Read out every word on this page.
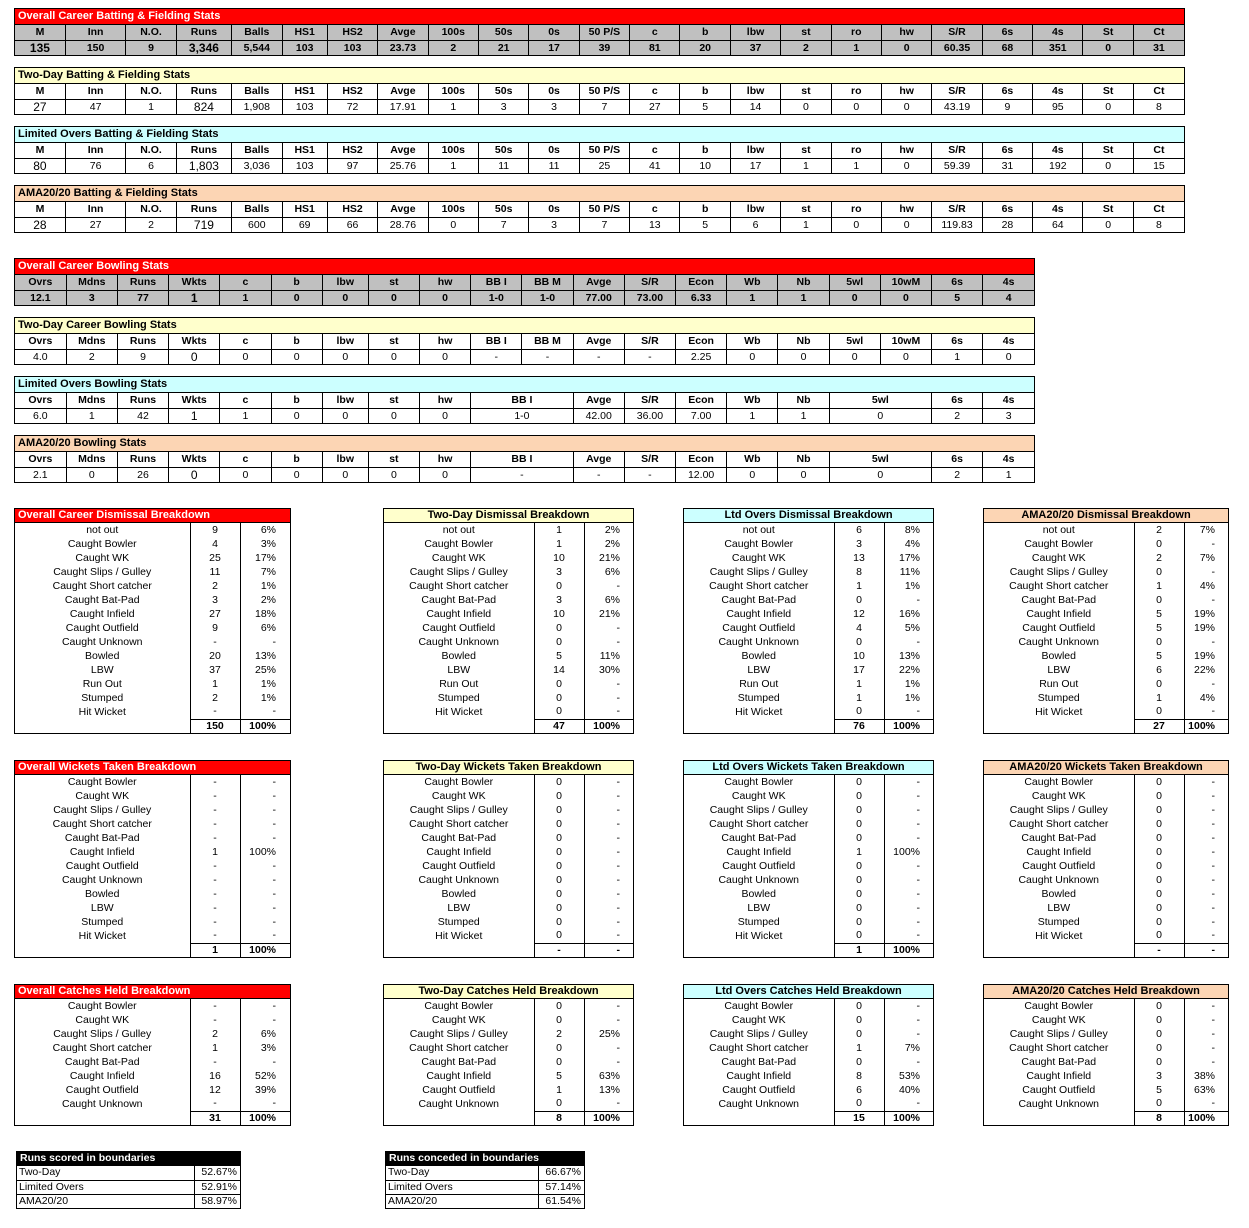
Overall Career Batting & Fielding Stats
M	Inn	N.O.	Runs	Balls	HS1	HS2	Avge	100s	50s	0s	50 P/S	c	b	lbw	st	ro	hw	S/R	6s	4s	St	Ct
135	150	9	3,346	5,544	103	103	23.73	2	21	17	39	81	20	37	2	1	0	60.35	68	351	0	31
Two-Day Batting & Fielding Stats
M	Inn	N.O.	Runs	Balls	HS1	HS2	Avge	100s	50s	0s	50 P/S	c	b	lbw	st	ro	hw	S/R	6s	4s	St	Ct
27	47	1	824	1,908	103	72	17.91	1	3	3	7	27	5	14	0	0	0	43.19	9	95	0	8
Limited Overs Batting & Fielding Stats
M	Inn	N.O.	Runs	Balls	HS1	HS2	Avge	100s	50s	0s	50 P/S	c	b	lbw	st	ro	hw	S/R	6s	4s	St	Ct
80	76	6	1,803	3,036	103	97	25.76	1	11	11	25	41	10	17	1	1	0	59.39	31	192	0	15
AMA20/20 Batting & Fielding Stats
M	Inn	N.O.	Runs	Balls	HS1	HS2	Avge	100s	50s	0s	50 P/S	c	b	lbw	st	ro	hw	S/R	6s	4s	St	Ct
28	27	2	719	600	69	66	28.76	0	7	3	7	13	5	6	1	0	0	119.83	28	64	0	8
Overall Career Bowling Stats
Ovrs	Mdns	Runs	Wkts	c	b	lbw	st	hw	BB I	BB M	Avge	S/R	Econ	Wb	Nb	5wl	10wM	6s	4s
12.1	3	77	1	1	0	0	0	0	1-0	1-0	77.00	73.00	6.33	1	1	0	0	5	4
Two-Day Career Bowling Stats
Ovrs	Mdns	Runs	Wkts	c	b	lbw	st	hw	BB I	BB M	Avge	S/R	Econ	Wb	Nb	5wl	10wM	6s	4s
4.0	2	9	0	0	0	0	0	0	-	-	-	-	2.25	0	0	0	0	1	0
Limited Overs Bowling Stats
Ovrs	Mdns	Runs	Wkts	c	b	lbw	st	hw	BB I	Avge	S/R	Econ	Wb	Nb	5wl	6s	4s
6.0	1	42	1	1	0	0	0	0	1-0	42.00	36.00	7.00	1	1	0	2	3
AMA20/20 Bowling Stats
Ovrs	Mdns	Runs	Wkts	c	b	lbw	st	hw	BB I	Avge	S/R	Econ	Wb	Nb	5wl	6s	4s
2.1	0	26	0	0	0	0	0	0	-	-	-	12.00	0	0	0	2	1
Overall Career Dismissal Breakdown
not out	9	6%
Caught Bowler	4	3%
Caught WK	25	17%
Caught Slips / Gulley	11	7%
Caught Short catcher	2	1%
Caught Bat-Pad	3	2%
Caught Infield	27	18%
Caught Outfield	9	6%
Caught Unknown	-	-
Bowled	20	13%
LBW	37	25%
Run Out	1	1%
Stumped	2	1%
Hit Wicket	-	-
	150	100%
Two-Day Dismissal Breakdown
not out	1	2%
Caught Bowler	1	2%
Caught WK	10	21%
Caught Slips / Gulley	3	6%
Caught Short catcher	0	-
Caught Bat-Pad	3	6%
Caught Infield	10	21%
Caught Outfield	0	-
Caught Unknown	0	-
Bowled	5	11%
LBW	14	30%
Run Out	0	-
Stumped	0	-
Hit Wicket	0	-
	47	100%
Ltd Overs Dismissal Breakdown
not out	6	8%
Caught Bowler	3	4%
Caught WK	13	17%
Caught Slips / Gulley	8	11%
Caught Short catcher	1	1%
Caught Bat-Pad	0	-
Caught Infield	12	16%
Caught Outfield	4	5%
Caught Unknown	0	-
Bowled	10	13%
LBW	17	22%
Run Out	1	1%
Stumped	1	1%
Hit Wicket	0	-
	76	100%
AMA20/20 Dismissal Breakdown
not out	2	7%
Caught Bowler	0	-
Caught WK	2	7%
Caught Slips / Gulley	0	-
Caught Short catcher	1	4%
Caught Bat-Pad	0	-
Caught Infield	5	19%
Caught Outfield	5	19%
Caught Unknown	0	-
Bowled	5	19%
LBW	6	22%
Run Out	0	-
Stumped	1	4%
Hit Wicket	0	-
	27	100%
Overall Wickets Taken Breakdown
Caught Bowler	-	-
Caught WK	-	-
Caught Slips / Gulley	-	-
Caught Short catcher	-	-
Caught Bat-Pad	-	-
Caught Infield	1	100%
Caught Outfield	-	-
Caught Unknown	-	-
Bowled	-	-
LBW	-	-
Stumped	-	-
Hit Wicket	-	-
	1	100%
Two-Day Wickets Taken Breakdown
Caught Bowler	0	-
Caught WK	0	-
Caught Slips / Gulley	0	-
Caught Short catcher	0	-
Caught Bat-Pad	0	-
Caught Infield	0	-
Caught Outfield	0	-
Caught Unknown	0	-
Bowled	0	-
LBW	0	-
Stumped	0	-
Hit Wicket	0	-
	-	-
Ltd Overs Wickets Taken Breakdown
Caught Bowler	0	-
Caught WK	0	-
Caught Slips / Gulley	0	-
Caught Short catcher	0	-
Caught Bat-Pad	0	-
Caught Infield	1	100%
Caught Outfield	0	-
Caught Unknown	0	-
Bowled	0	-
LBW	0	-
Stumped	0	-
Hit Wicket	0	-
	1	100%
AMA20/20 Wickets Taken Breakdown
Caught Bowler	0	-
Caught WK	0	-
Caught Slips / Gulley	0	-
Caught Short catcher	0	-
Caught Bat-Pad	0	-
Caught Infield	0	-
Caught Outfield	0	-
Caught Unknown	0	-
Bowled	0	-
LBW	0	-
Stumped	0	-
Hit Wicket	0	-
	-	-
Overall Catches Held Breakdown
Caught Bowler	-	-
Caught WK	-	-
Caught Slips / Gulley	2	6%
Caught Short catcher	1	3%
Caught Bat-Pad	-	-
Caught Infield	16	52%
Caught Outfield	12	39%
Caught Unknown	-	-
	31	100%
Two-Day Catches Held Breakdown
Caught Bowler	0	-
Caught WK	0	-
Caught Slips / Gulley	2	25%
Caught Short catcher	0	-
Caught Bat-Pad	0	-
Caught Infield	5	63%
Caught Outfield	1	13%
Caught Unknown	0	-
	8	100%
Ltd Overs Catches Held Breakdown
Caught Bowler	0	-
Caught WK	0	-
Caught Slips / Gulley	0	-
Caught Short catcher	1	7%
Caught Bat-Pad	0	-
Caught Infield	8	53%
Caught Outfield	6	40%
Caught Unknown	0	-
	15	100%
AMA20/20 Catches Held Breakdown
Caught Bowler	0	-
Caught WK	0	-
Caught Slips / Gulley	0	-
Caught Short catcher	0	-
Caught Bat-Pad	0	-
Caught Infield	3	38%
Caught Outfield	5	63%
Caught Unknown	0	-
	8	100%
Runs scored in boundaries
Two-Day	52.67%
Limited Overs	52.91%
AMA20/20	58.97%
Runs conceded in boundaries
Two-Day	66.67%
Limited Overs	57.14%
AMA20/20	61.54%
